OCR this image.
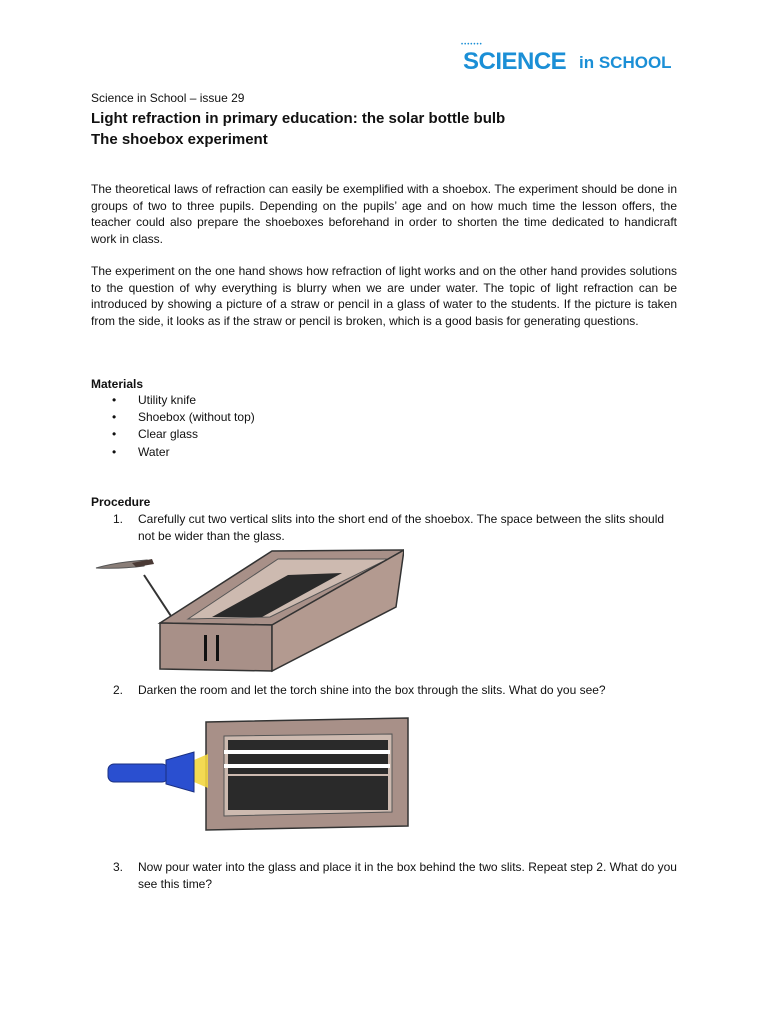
•••••••
SCIENCE in SCHOOL
Science in School – issue 29
Light refraction in primary education: the solar bottle bulb
The shoebox experiment

The theoretical laws of refraction can easily be exemplified with a shoebox. The experiment should be done in groups of two to three pupils. Depending on the pupils’ age and on how much time the lesson offers, the teacher could also prepare the shoeboxes beforehand in order to shorten the time dedicated to handicraft work in class.

The experiment on the one hand shows how refraction of light works and on the other hand provides solutions to the question of why everything is blurry when we are under water. The topic of light refraction can be introduced by showing a picture of a straw or pencil in a glass of water to the students. If the picture is taken from the side, it looks as if the straw or pencil is broken, which is a good basis for generating questions.

Materials
• Utility knife
• Shoebox (without top)
• Clear glass
• Water
Procedure
1. Carefully cut two vertical slits into the short end of the shoebox. The space between the slits should not be wider than the glass.
2. Darken the room and let the torch shine into the box through the slits. What do you see?
3. Now pour water into the glass and place it in the box behind the two slits. Repeat step 2. What do you see this time?
